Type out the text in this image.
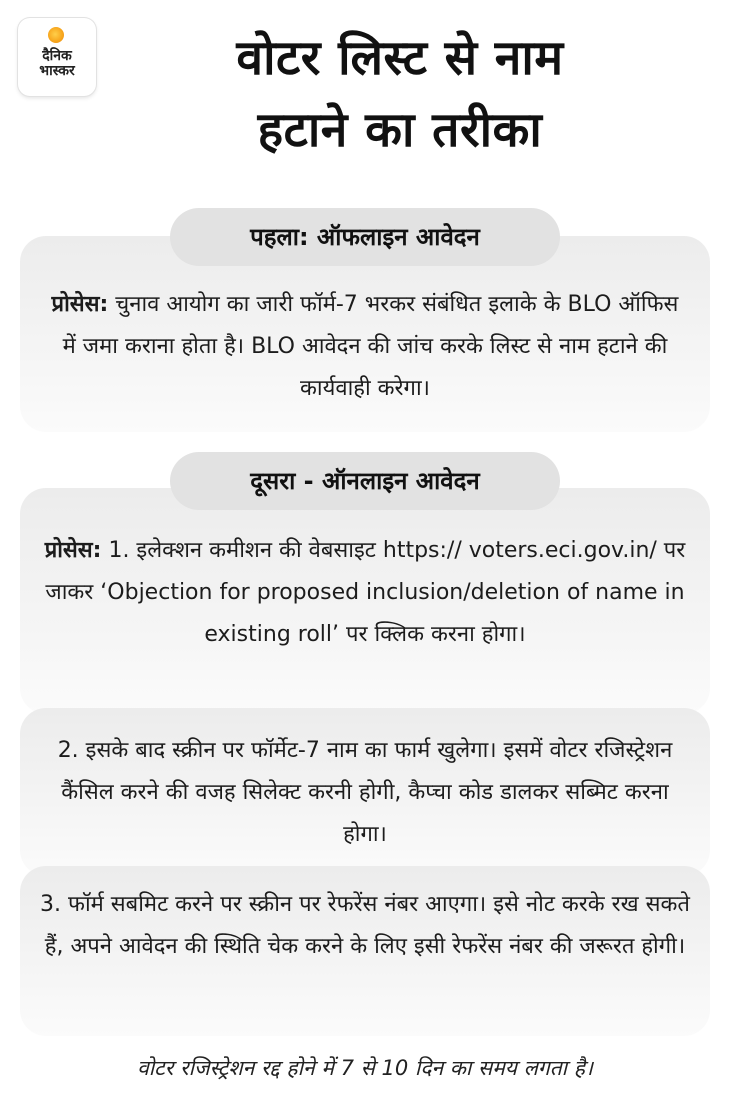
दैनिक
भास्कर	वोटर लिस्ट से नाम
हटाने का तरीका

प्रोसेस: चुनाव आयोग का जारी फॉर्म-7 भरकर संबंधित इलाके के BLO ऑफिस में जमा कराना होता है। BLO आवेदन की जांच करके लिस्ट से नाम हटाने की कार्यवाही करेगा।

पहला: ऑफलाइन आवेदन

प्रोसेस: 1. इलेक्शन कमीशन की वेबसाइट https:// voters.eci.gov.in/ पर जाकर ‘Objection for proposed inclusion/deletion of name in existing roll’ पर क्लिक करना होगा।

दूसरा - ऑनलाइन आवेदन

2. इसके बाद स्क्रीन पर फॉर्मेट-7 नाम का फार्म खुलेगा। इसमें वोटर रजिस्ट्रेशन कैंसिल करने की वजह सिलेक्ट करनी होगी, कैप्चा कोड डालकर सब्मिट करना होगा।

3. फॉर्म सबमिट करने पर स्क्रीन पर रेफरेंस नंबर आएगा। इसे नोट करके रख सकते हैं, अपने आवेदन की स्थिति चेक करने के लिए इसी रेफरेंस नंबर की जरूरत होगी।

वोटर रजिस्ट्रेशन रद्द होने में 7 से 10 दिन का समय लगता है।
